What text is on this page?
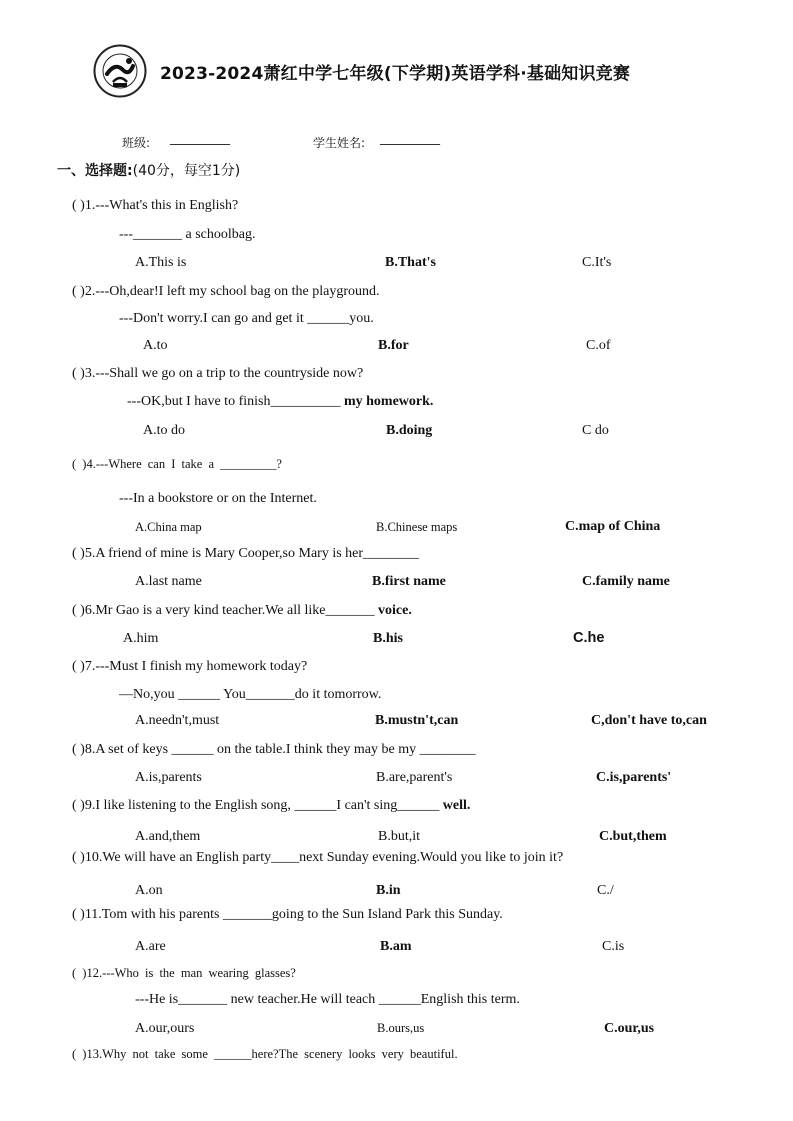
2023-2024萧红中学七年级(下学期)英语学科·基础知识竞赛
班级: __________	学生姓名: __________
一、选择题:(40分，每空1分)
( )1.---What's this in English?
---_______ a schoolbag.
A.This is	B.That's	C.It's
( )2.---Oh,dear!I left my school bag on the playground.
---Don't worry.I can go and get it ______you.
A.to	B.for	C.of
( )3.---Shall we go on a trip to the countryside now?
---OK,but I have to finish__________ my homework.
A.to do	B.doing	C do
( )4.---Where can I take a _________?
---In a bookstore or on the Internet.
A.China map	B.Chinese maps	C.map of China
( )5.A friend of mine is Mary Cooper,so Mary is her________
A.last name	B.first name	C.family name
( )6.Mr Gao is a very kind teacher.We all like_______ voice.
A.him	B.his	C.he
( )7.---Must I finish my homework today?
—No,you ______ You_______do it tomorrow.
A.needn't,must	B.mustn't,can	C,don't have to,can
( )8.A set of keys ______ on the table.I think they may be my ________
A.is,parents	B.are,parent's	C.is,parents'
( )9.I like listening to the English song, ______I can't sing______ well.
A.and,them	B.but,it	C.but,them
( )10.We will have an English party____next Sunday evening.Would you like to join it?
A.on	B.in	C./
( )11.Tom with his parents _______going to the Sun Island Park this Sunday.
A.are	B.am	C.is
( )12.---Who is the man wearing glasses?
---He is_______ new teacher.He will teach ______English this term.
A.our,ours	B.ours,us	C.our,us
( )13.Why not take some ______here?The scenery looks very beautiful.
